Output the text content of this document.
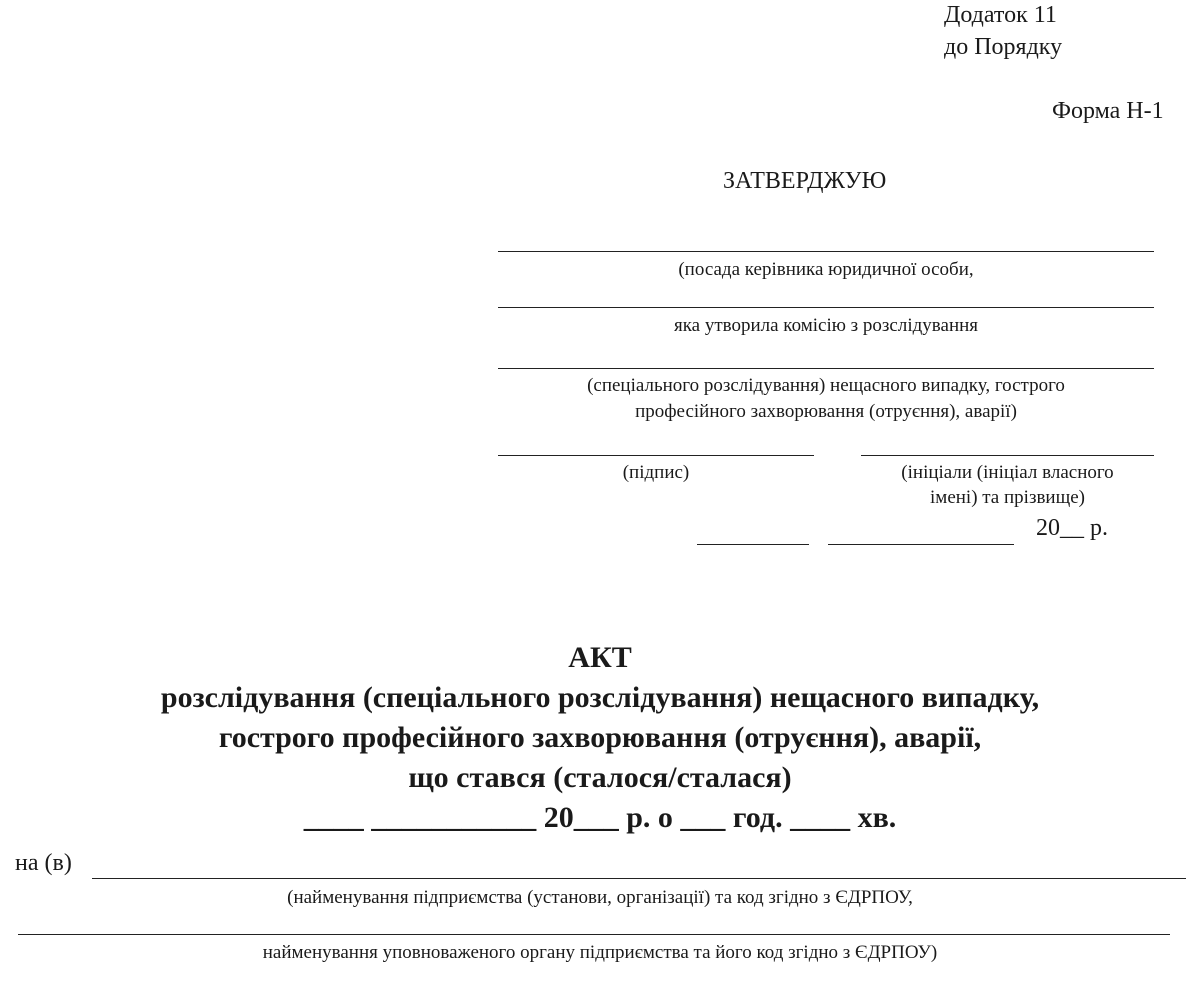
Додаток 11
до Порядку
Форма Н-1
ЗАТВЕРДЖУЮ
(посада керівника юридичної особи,
яка утворила комісію з розслідування
(спеціального розслідування) нещасного випадку, гострого
професійного захворювання (отруєння), аварії)
(підпис)	(ініціали (ініціал власного
імені) та прізвище)
20__ р.
АКТ
розслідування (спеціального розслідування) нещасного випадку,
гострого професійного захворювання (отруєння), аварії,
що стався (сталося/сталася)
____ ___________ 20___ р. о ___ год. ____ хв.
на (в)
(найменування підприємства (установи, організації) та код згідно з ЄДРПОУ,
найменування уповноваженого органу підприємства та його код згідно з ЄДРПОУ)
